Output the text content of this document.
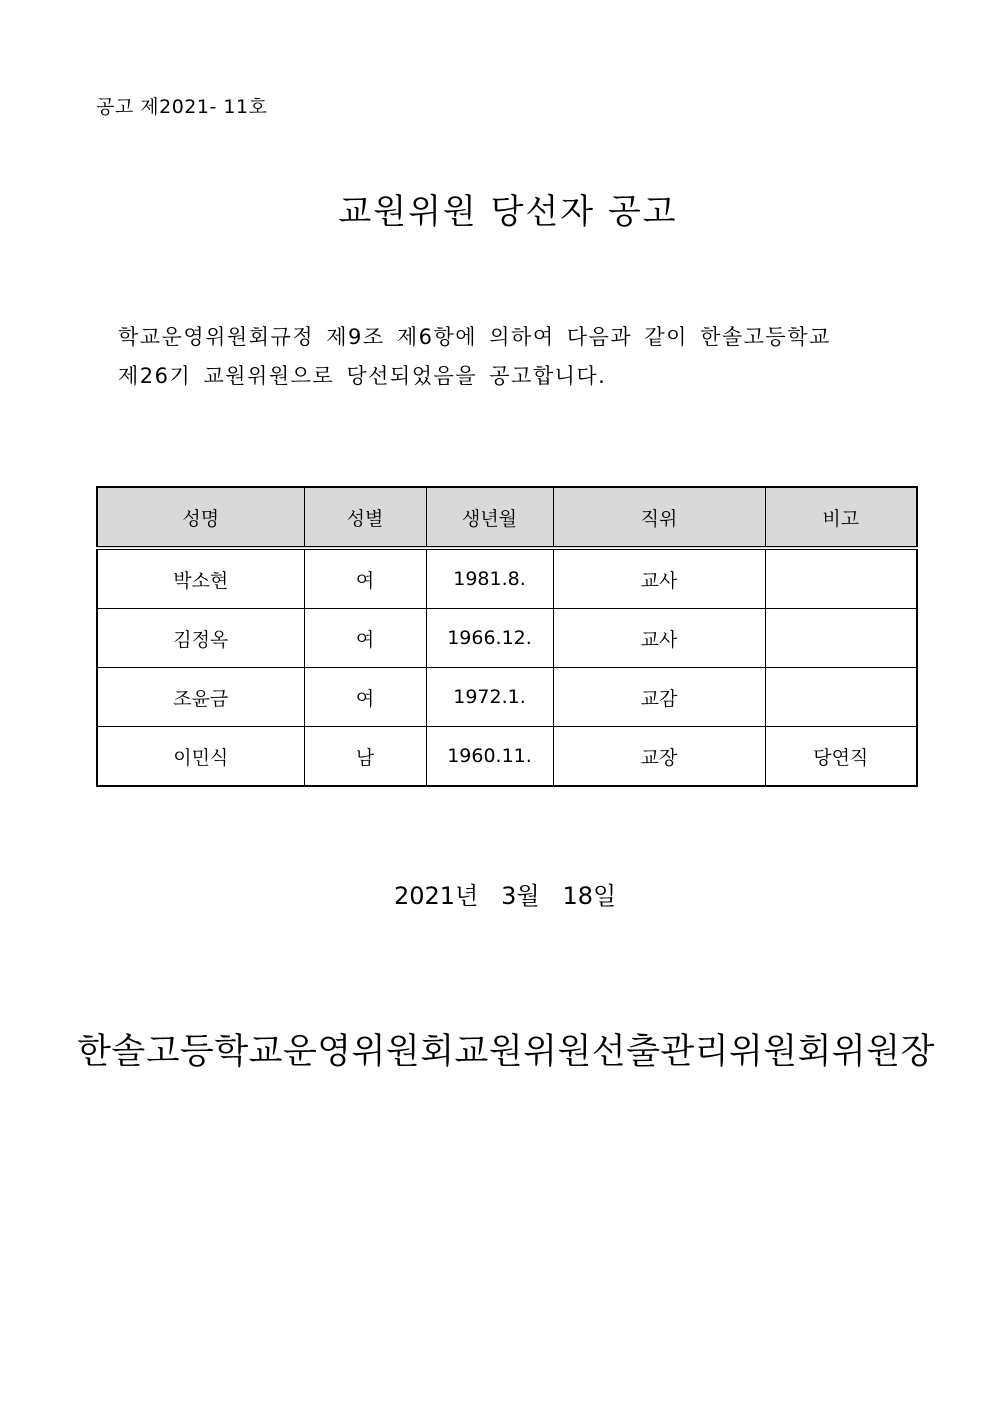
공고 제2021- 11호
교원위원 당선자 공고

학교운영위원회규정 제9조 제6항에 의하여 다음과 같이 한솔고등학교

제26기 교원위원으로 당선되었음을 공고합니다.

성명	성별	생년월	직위	비고
박소현	여	1981.8.	교사	
김정옥	여	1966.12.	교사	
조윤금	여	1972.1.	교감	
이민식	남	1960.11.	교장	당연직
2021년   3월   18일
한솔고등학교운영위원회교원위원선출관리위원회위원장
